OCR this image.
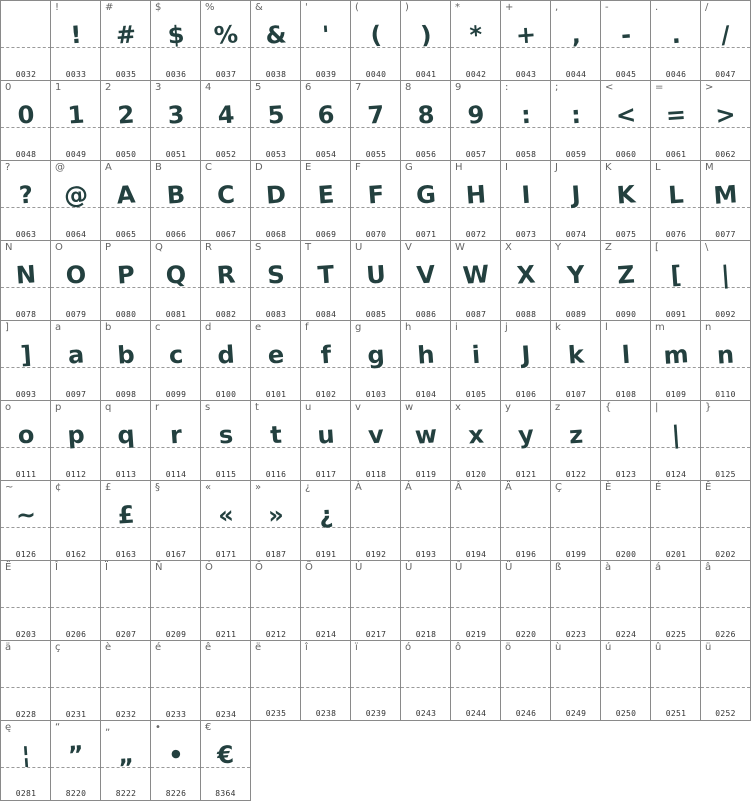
0032
!
!
0033
#
#
0035
$
$
0036
%
%
0037
&
&
0038
'
'
0039
(
(
0040
)
)
0041
*
*
0042
+
+
0043
,
,
0044
-
-
0045
.
.
0046
/
/
0047
0
0
0048
1
1
0049
2
2
0050
3
3
0051
4
4
0052
5
5
0053
6
6
0054
7
7
0055
8
8
0056
9
9
0057
:
:
0058
;
:
0059
<
<
0060
=
=
0061
>
>
0062
?
?
0063
@
@
0064
A
A
0065
B
B
0066
C
C
0067
D
D
0068
E
E
0069
F
F
0070
G
G
0071
H
H
0072
I
I
0073
J
J
0074
K
K
0075
L
L
0076
M
M
0077
N
N
0078
O
O
0079
P
P
0080
Q
Q
0081
R
R
0082
S
S
0083
T
T
0084
U
U
0085
V
V
0086
W
W
0087
X
X
0088
Y
Y
0089
Z
Z
0090
[
[
0091
\
|
0092
]
]
0093
a
a
0097
b
b
0098
c
c
0099
d
d
0100
e
e
0101
f
f
0102
g
g
0103
h
h
0104
i
i
0105
j
J
0106
k
k
0107
l
l
0108
m
m
0109
n
n
0110
o
o
0111
p
p
0112
q
q
0113
r
r
0114
s
s
0115
t
t
0116
u
u
0117
v
v
0118
w
w
0119
x
x
0120
y
y
0121
z
z
0122
{
0123
|
|
0124
}
0125
~
~
0126
¢
0162
£
£
0163
§
0167
«
«
0171
»
»
0187
¿
¿
0191
À
0192
Á
0193
Â
0194
Ä
0196
Ç
0199
È
0200
É
0201
Ê
0202
Ë
0203
Î
0206
Ï
0207
Ñ
0209
Ó
0211
Ô
0212
Ö
0214
Ù
0217
Ú
0218
Û
0219
Ü
0220
ß
0223
à
0224
á
0225
â
0226
ä
0228
ç
0231
è
0232
é
0233
ê
0234
ë
0235
î
0238
ï
0239
ó
0243
ô
0244
ö
0246
ù
0249
ú
0250
û
0251
ü
0252
ę
¦
0281
“
”
8220
„
„
8222
•
•
8226
€
€
8364
